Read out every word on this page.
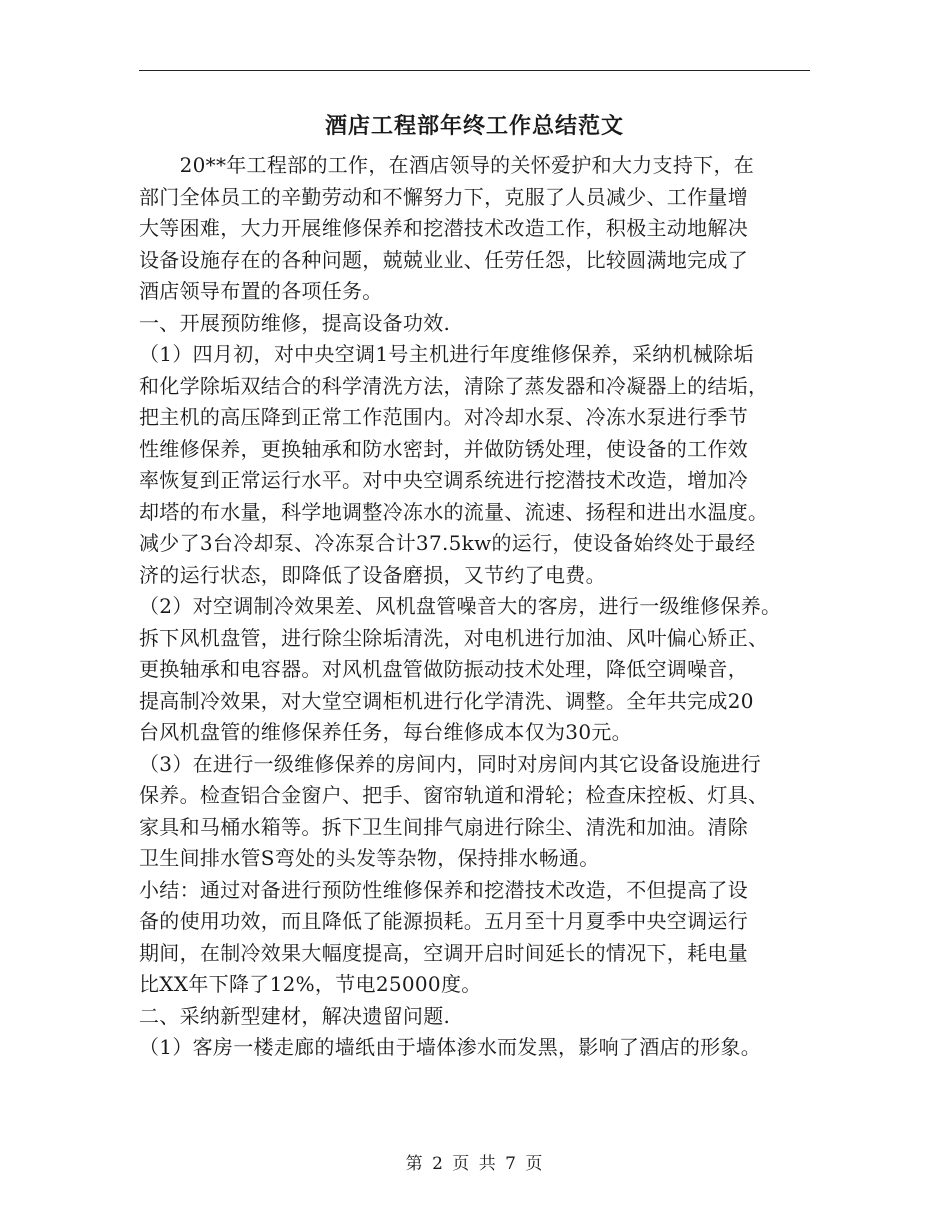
酒店工程部年终工作总结范文
　　20**年工程部的工作，在酒店领导的关怀爱护和大力支持下，在
部门全体员工的辛勤劳动和不懈努力下，克服了人员减少、工作量增
大等困难，大力开展维修保养和挖潜技术改造工作，积极主动地解决
设备设施存在的各种问题，兢兢业业、任劳任怨，比较圆满地完成了
酒店领导布置的各项任务。
一、开展预防维修，提高设备功效.
（1）四月初，对中央空调1号主机进行年度维修保养，采纳机械除垢
和化学除垢双结合的科学清洗方法，清除了蒸发器和冷凝器上的结垢，
把主机的高压降到正常工作范围内。对冷却水泵、冷冻水泵进行季节
性维修保养，更换轴承和防水密封，并做防锈处理，使设备的工作效
率恢复到正常运行水平。对中央空调系统进行挖潜技术改造，增加冷
却塔的布水量，科学地调整冷冻水的流量、流速、扬程和进出水温度。
减少了3台冷却泵、冷冻泵合计37.5kw的运行，使设备始终处于最经
济的运行状态，即降低了设备磨损，又节约了电费。
（2）对空调制冷效果差、风机盘管噪音大的客房，进行一级维修保养。
拆下风机盘管，进行除尘除垢清洗，对电机进行加油、风叶偏心矫正、
更换轴承和电容器。对风机盘管做防振动技术处理，降低空调噪音，
提高制冷效果，对大堂空调柜机进行化学清洗、调整。全年共完成20
台风机盘管的维修保养任务，每台维修成本仅为30元。
（3）在进行一级维修保养的房间内，同时对房间内其它设备设施进行
保养。检查铝合金窗户、把手、窗帘轨道和滑轮；检查床控板、灯具、
家具和马桶水箱等。拆下卫生间排气扇进行除尘、清洗和加油。清除
卫生间排水管S弯处的头发等杂物，保持排水畅通。
小结：通过对备进行预防性维修保养和挖潜技术改造，不但提高了设
备的使用功效，而且降低了能源损耗。五月至十月夏季中央空调运行
期间，在制冷效果大幅度提高，空调开启时间延长的情况下，耗电量
比XX年下降了12%，节电25000度。
二、采纳新型建材，解决遗留问题.
（1）客房一楼走廊的墙纸由于墙体渗水而发黑，影响了酒店的形象。
第 2 页 共 7 页
